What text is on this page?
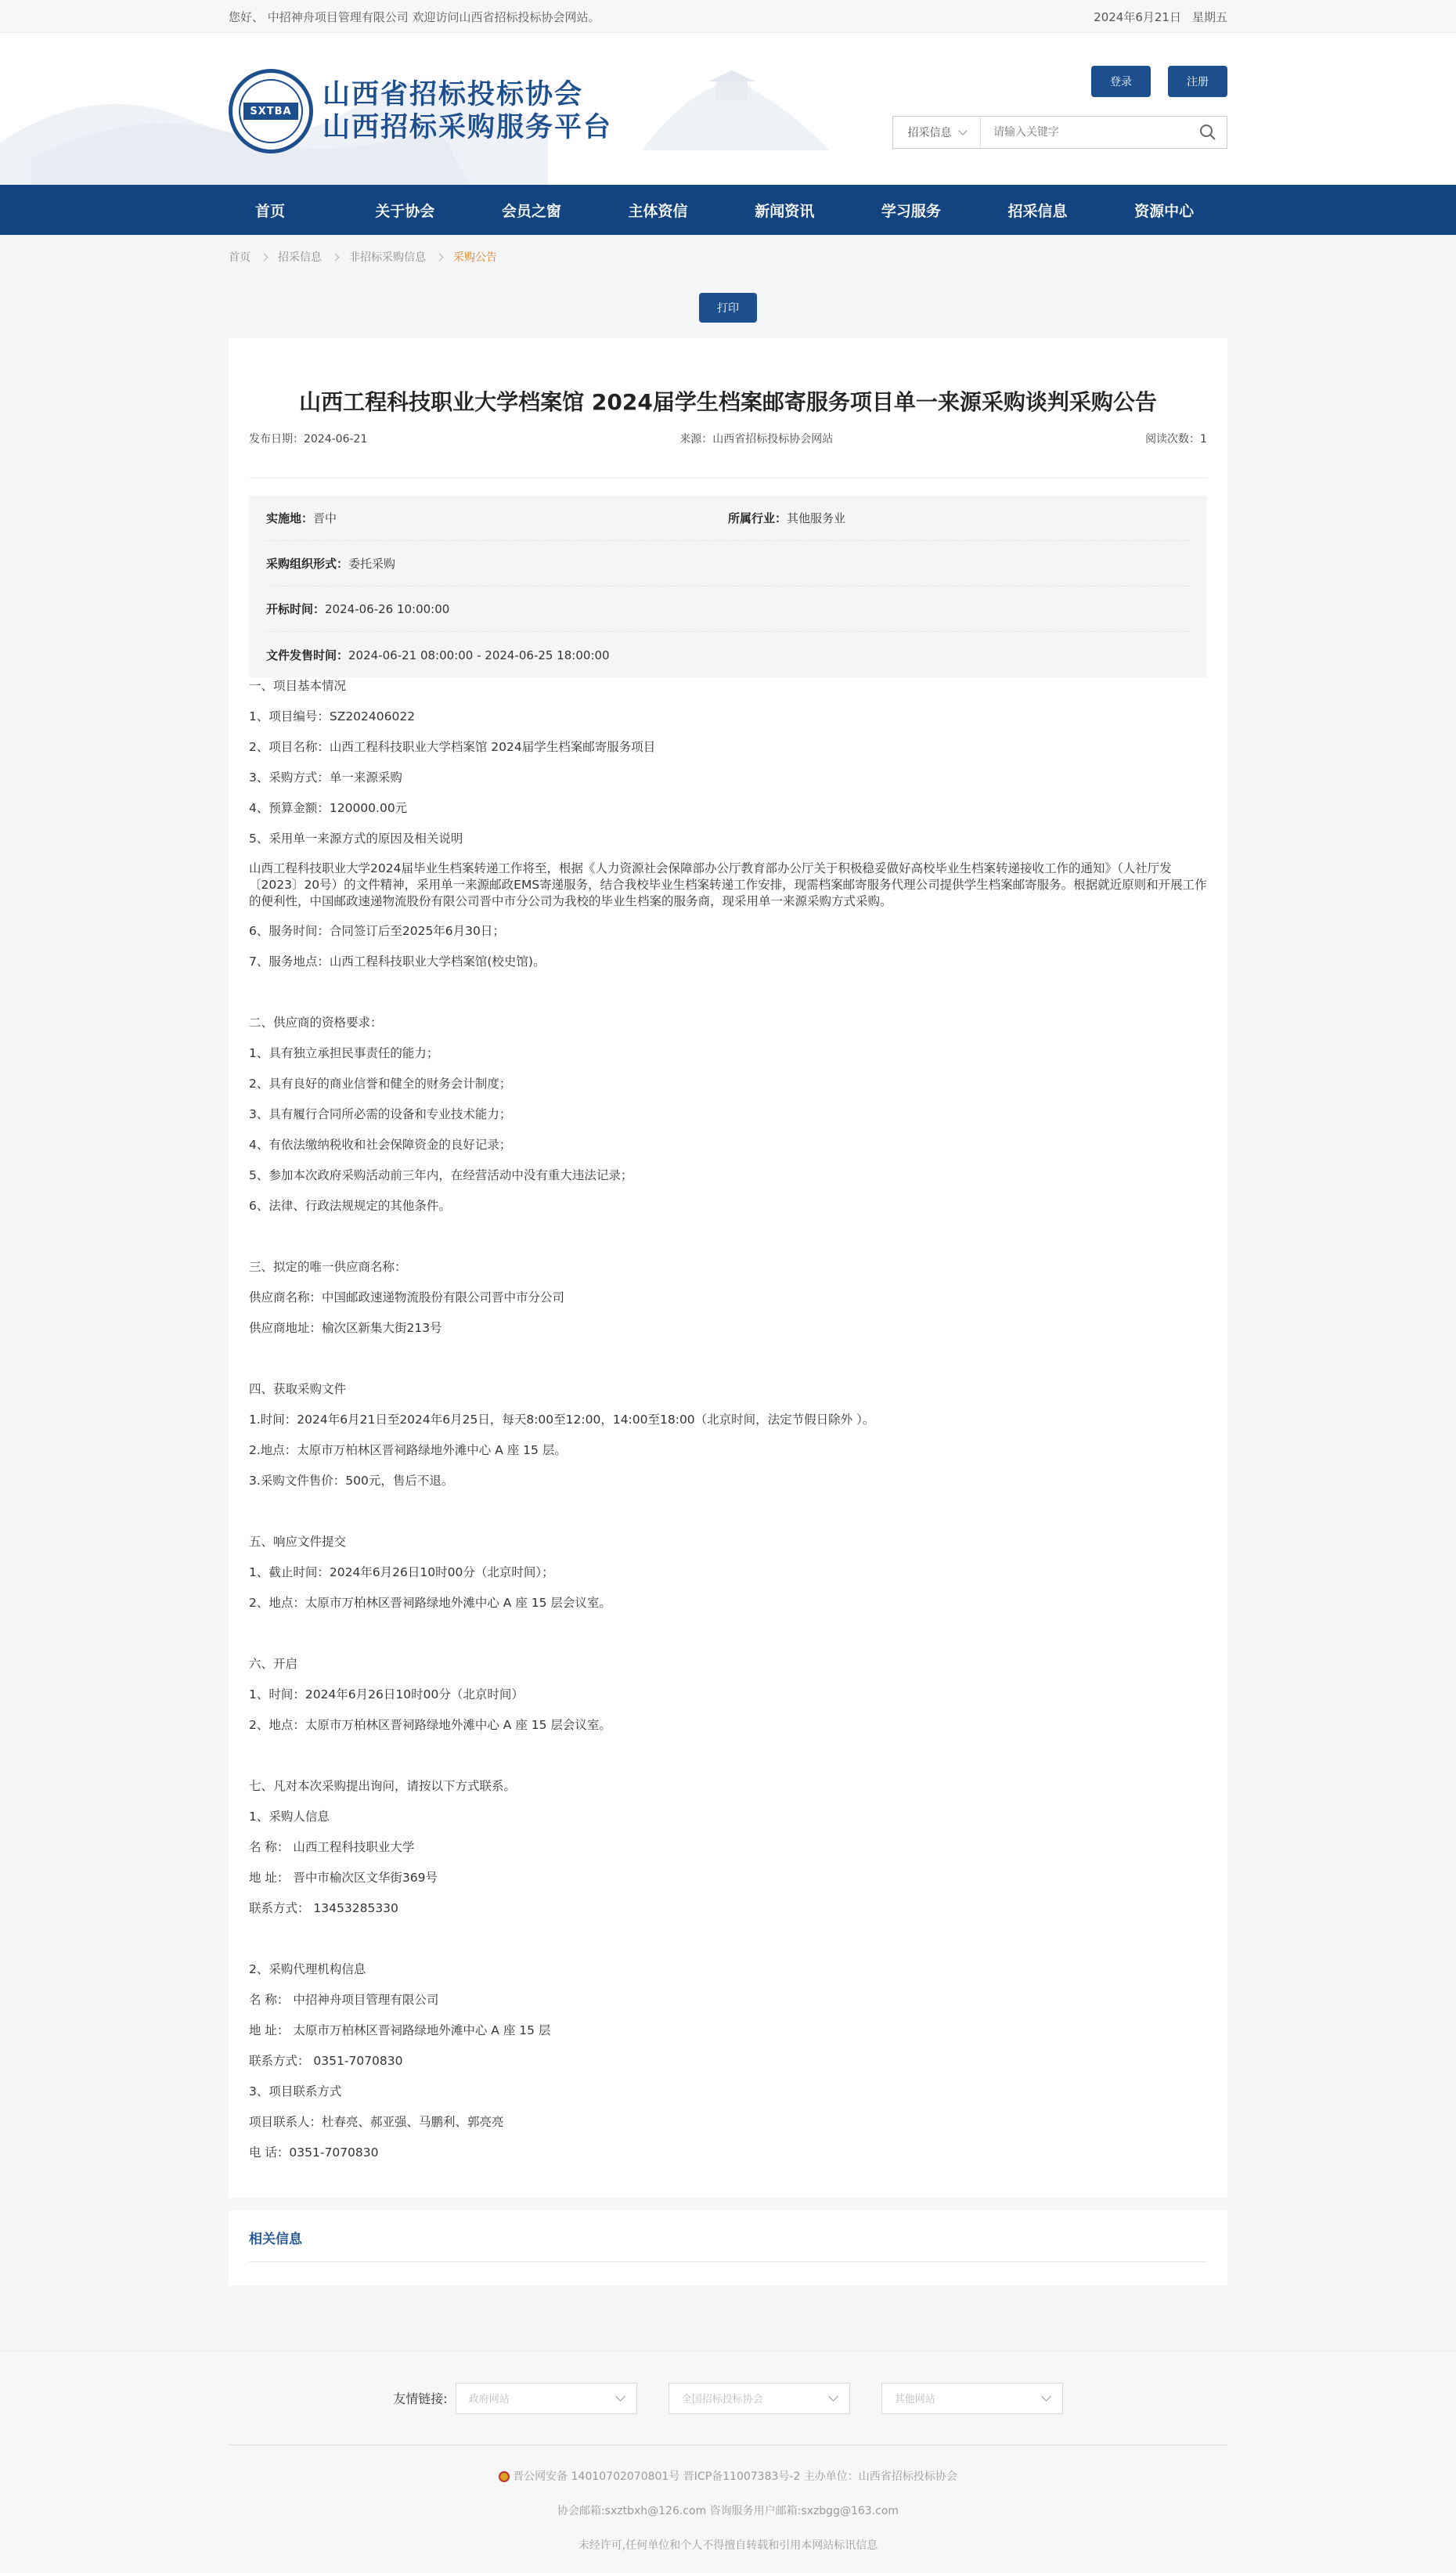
您好、 中招神舟项目管理有限公司 欢迎访问山西省招标投标协会网站。	2024年6月21日 星期五
SXTBA
山西省招标投标协会
山西招标采购服务平台
登录	注册
招采信息
请输入关键字
首页	关于协会	会员之窗	主体资信	新闻资讯	学习服务	招采信息	资源中心
首页	招采信息	非招标采购信息	采购公告
打印
山西工程科技职业大学档案馆 2024届学生档案邮寄服务项目单一来源采购谈判采购公告
发布日期：2024-06-21	来源：山西省招标投标协会网站	阅读次数：1
实施地：晋中	所属行业：其他服务业
采购组织形式：委托采购
开标时间：2024-06-26 10:00:00
文件发售时间：2024-06-21 08:00:00 - 2024-06-25 18:00:00

一、项目基本情况

1、项目编号：SZ202406022

2、项目名称：山西工程科技职业大学档案馆 2024届学生档案邮寄服务项目

3、采购方式：单一来源采购

4、预算金额：120000.00元

5、采用单一来源方式的原因及相关说明

山西工程科技职业大学2024届毕业生档案转递工作将至，根据《人力资源社会保障部办公厅教育部办公厅关于积极稳妥做好高校毕业生档案转递接收工作的通知》（人社厅发〔2023〕20号）的文件精神，采用单一来源邮政EMS寄递服务，结合我校毕业生档案转递工作安排，现需档案邮寄服务代理公司提供学生档案邮寄服务。根据就近原则和开展工作的便利性，中国邮政速递物流股份有限公司晋中市分公司为我校的毕业生档案的服务商，现采用单一来源采购方式采购。

6、服务时间：合同签订后至2025年6月30日；

7、服务地点：山西工程科技职业大学档案馆(校史馆)。

二、供应商的资格要求：

1、具有独立承担民事责任的能力；

2、具有良好的商业信誉和健全的财务会计制度；

3、具有履行合同所必需的设备和专业技术能力；

4、有依法缴纳税收和社会保障资金的良好记录；

5、参加本次政府采购活动前三年内，在经营活动中没有重大违法记录；

6、法律、行政法规规定的其他条件。

三、拟定的唯一供应商名称：

供应商名称：中国邮政速递物流股份有限公司晋中市分公司

供应商地址：榆次区新集大街213号

四、获取采购文件

1.时间：2024年6月21日至2024年6月25日，每天8:00至12:00，14:00至18:00（北京时间，法定节假日除外 ）。

2.地点：太原市万柏林区晋祠路绿地外滩中心 A 座 15 层。

3.采购文件售价：500元，售后不退。

五、响应文件提交

1、截止时间：2024年6月26日10时00分（北京时间）；

2、地点：太原市万柏林区晋祠路绿地外滩中心 A 座 15 层会议室。

六、开启

1、时间：2024年6月26日10时00分（北京时间）

2、地点：太原市万柏林区晋祠路绿地外滩中心 A 座 15 层会议室。

七、凡对本次采购提出询问，请按以下方式联系。

1、采购人信息

名 称： 山西工程科技职业大学

地 址： 晋中市榆次区文华街369号

联系方式： 13453285330

2、采购代理机构信息

名 称： 中招神舟项目管理有限公司

地 址： 太原市万柏林区晋祠路绿地外滩中心 A 座 15 层

联系方式： 0351-7070830

3、项目联系方式

项目联系人：杜春亮、郝亚强、马鹏利、郭亮亮

电 话：0351-7070830

相关信息
友情链接: 政府网站	全国招标投标协会	其他网站
晋公网安备 14010702070801号 晋ICP备11007383号-2 主办单位：山西省招标投标协会
协会邮箱:sxztbxh@126.com 咨询服务用户邮箱:sxzbgg@163.com
未经许可,任何单位和个人不得擅自转载和引用本网站标讯信息
